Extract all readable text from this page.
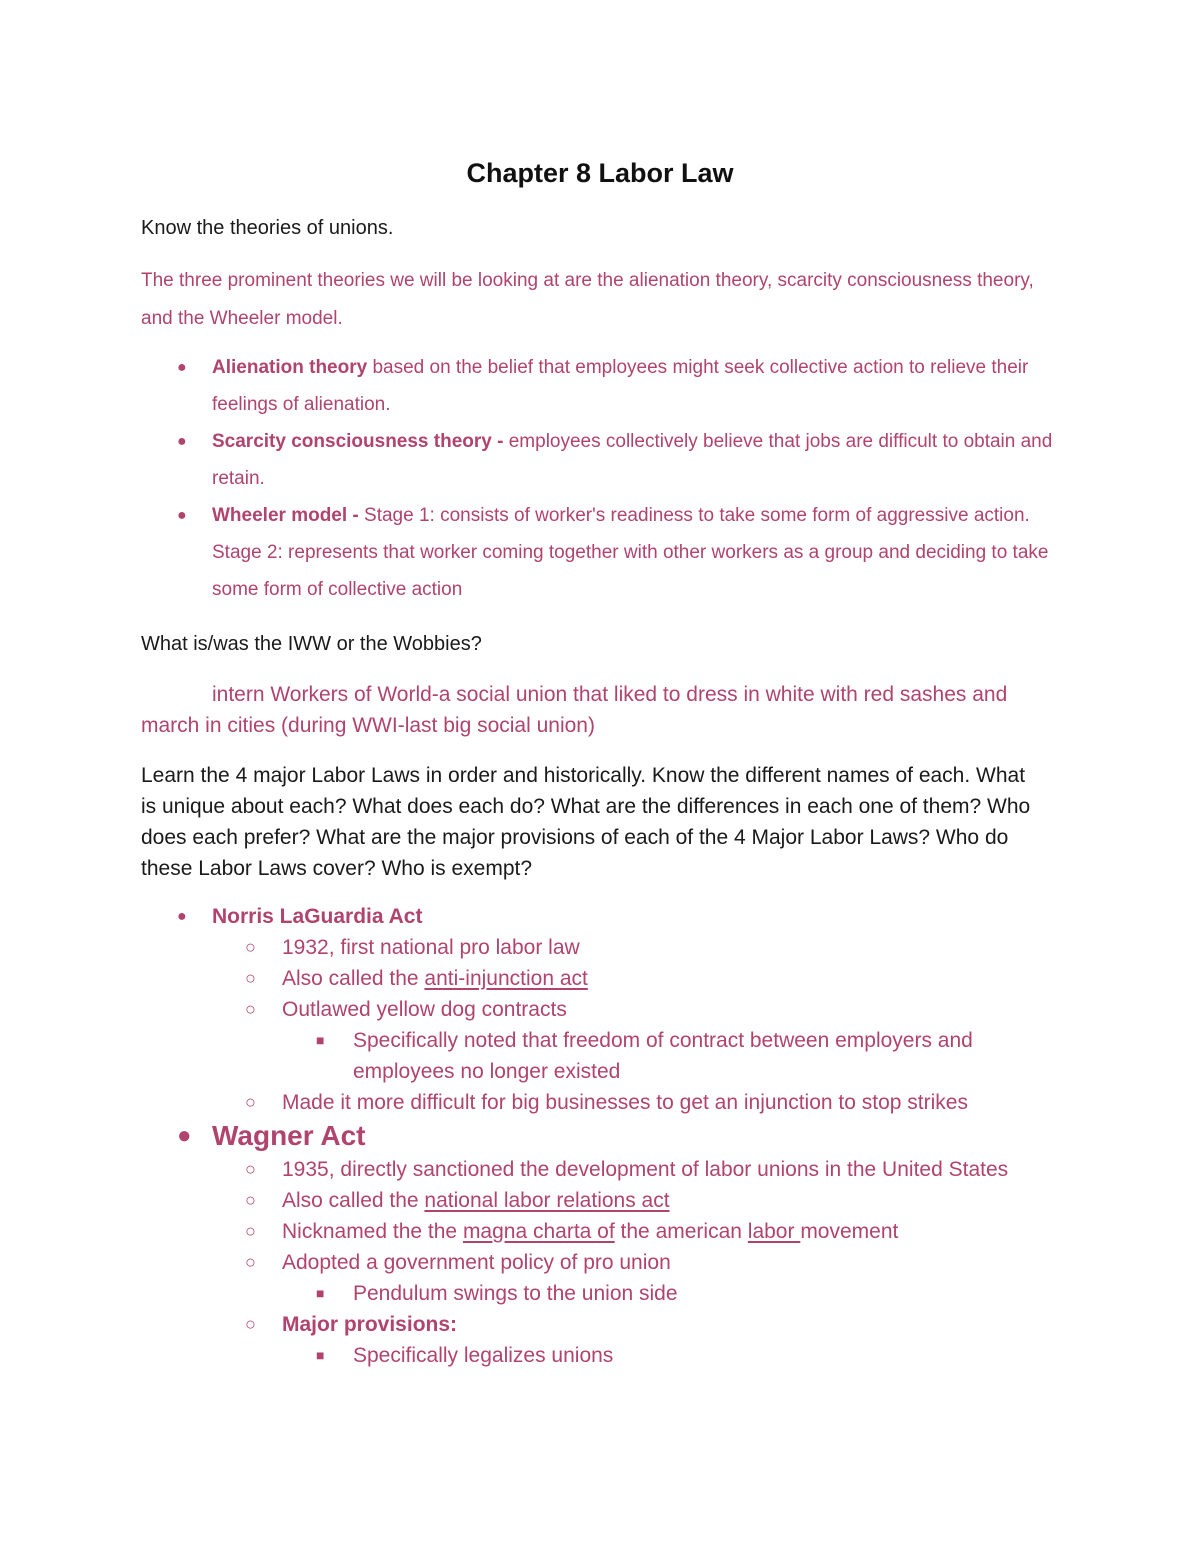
Chapter 8 Labor Law
Know the theories of unions.
The three prominent theories we will be looking at are the alienation theory, scarcity consciousness theory, and the Wheeler model.
● Alienation theory based on the belief that employees might seek collective action to relieve their feelings of alienation.
● Scarcity consciousness theory - employees collectively believe that jobs are difficult to obtain and retain.
● Wheeler model - Stage 1: consists of worker's readiness to take some form of aggressive action. Stage 2: represents that worker coming together with other workers as a group and deciding to take some form of collective action
What is/was the IWW or the Wobbies?
intern Workers of World-a social union that liked to dress in white with red sashes and march in cities (during WWI-last big social union)
Learn the 4 major Labor Laws in order and historically. Know the different names of each. What is unique about each? What does each do? What are the differences in each one of them? Who does each prefer? What are the major provisions of each of the 4 Major Labor Laws? Who do these Labor Laws cover? Who is exempt?
● Norris LaGuardia Act
○ 1932, first national pro labor law
○ Also called the anti-injunction act
○ Outlawed yellow dog contracts
■ Specifically noted that freedom of contract between employers and employees no longer existed
○ Made it more difficult for big businesses to get an injunction to stop strikes
● Wagner Act
○ 1935, directly sanctioned the development of labor unions in the United States
○ Also called the national labor relations act
○ Nicknamed the the magna charta of the american labor movement
○ Adopted a government policy of pro union
■ Pendulum swings to the union side
○ Major provisions:
■ Specifically legalizes unions
